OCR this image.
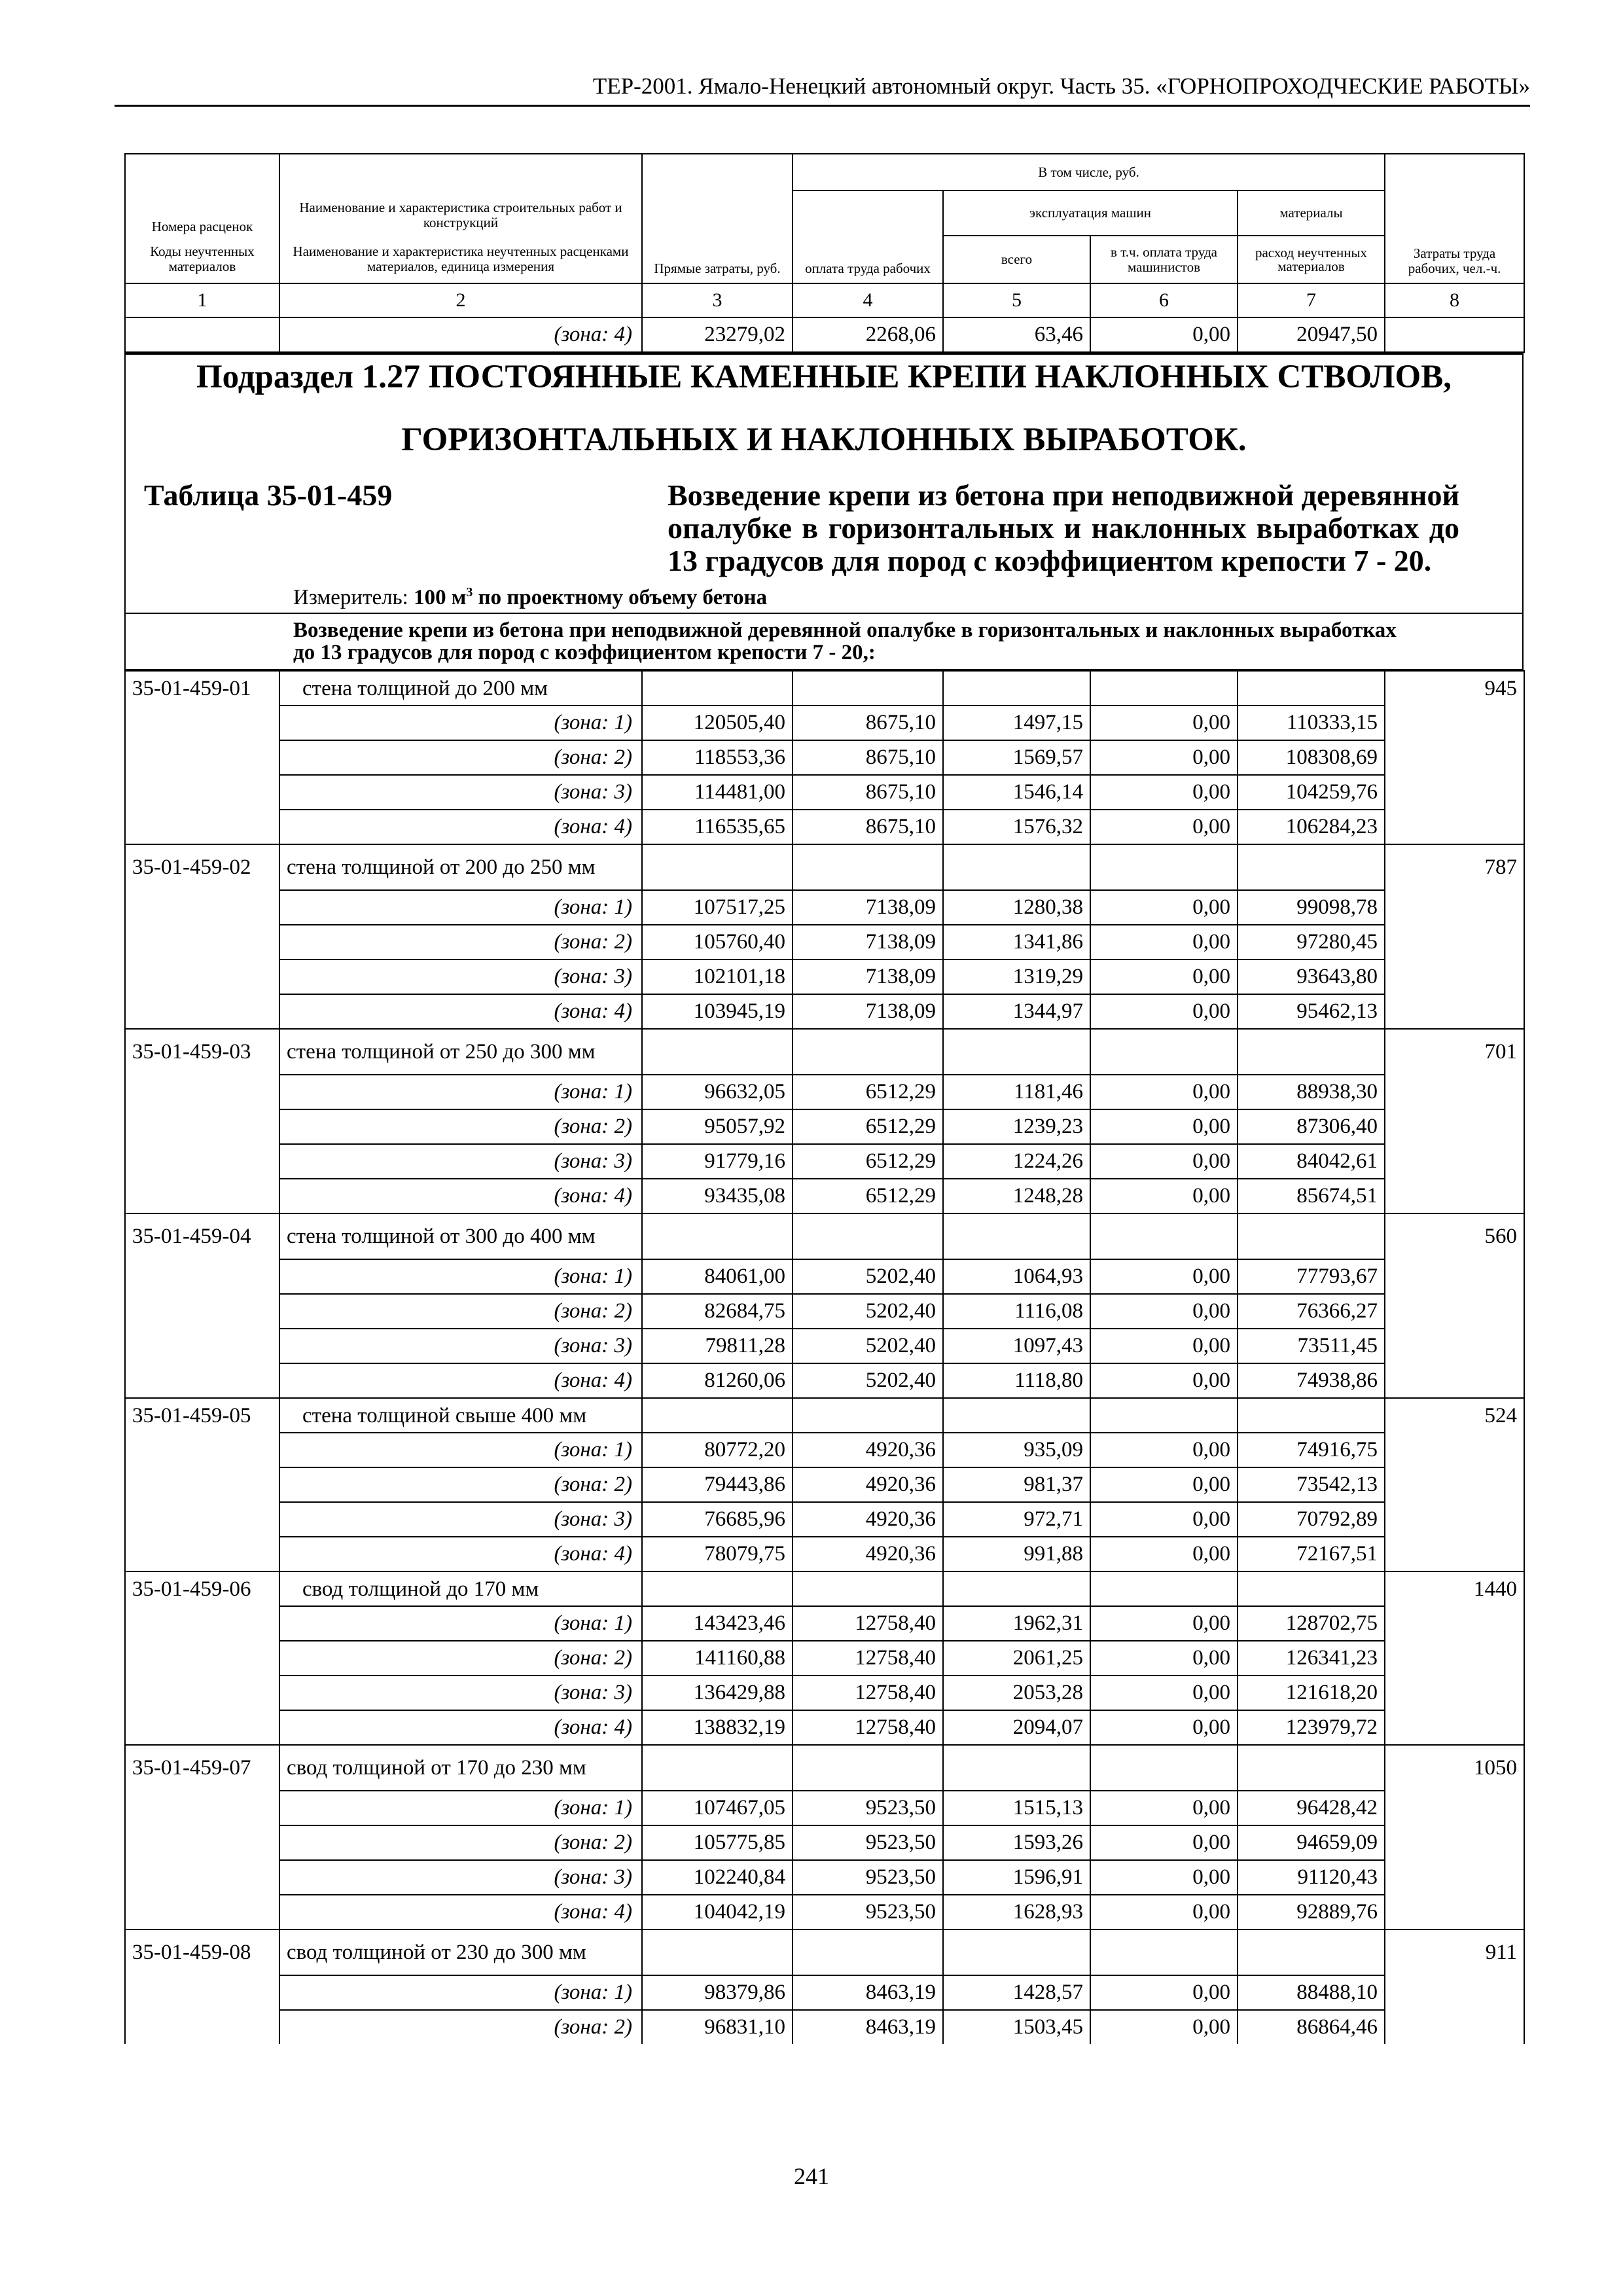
ТЕР-2001. Ямало-Ненецкий автономный округ. Часть 35. «ГОРНОПРОХОДЧЕСКИЕ РАБОТЫ»
Номера расценок	Наименование и характеристика строительных работ и конструкций	Прямые затраты, руб.	В том числе, руб.				Затраты труда рабочих, чел.-ч.
			оплата труда рабочих	эксплуатация машин		материалы	
Коды неучтенных материалов	Наименование и характеристика неучтенных расценками материалов, единица измерения			всего	в т.ч. оплата труда машинистов	расход неучтенных материалов	

1	2	3	4	5	6	7	8
	(зона: 4)	23279,02	2268,06	63,46	0,00	20947,50	
Подраздел 1.27 ПОСТОЯННЫЕ КАМЕННЫЕ КРЕПИ НАКЛОННЫХ СТВОЛОВ,
ГОРИЗОНТАЛЬНЫХ И НАКЛОННЫХ ВЫРАБОТОК.
Таблица 35-01-459	Возведение крепи из бетона при неподвижной деревянной опалубке в горизонтальных и наклонных выработках до 13 градусов для пород с коэффициентом крепости 7 - 20.
Измеритель: 100 $м^3$ по проектному объему бетона
Возведение крепи из бетона при неподвижной деревянной опалубке в горизонтальных и наклонных выработках до 13 градусов для пород с коэффициентом крепости 7 - 20,:
35-01-459-01	стена толщиной до 200 мм						945
	(зона: 1)	120505,40	8675,10	1497,15	0,00	110333,15	
	(зона: 2)	118553,36	8675,10	1569,57	0,00	108308,69	
	(зона: 3)	114481,00	8675,10	1546,14	0,00	104259,76	
	(зона: 4)	116535,65	8675,10	1576,32	0,00	106284,23	
35-01-459-02	стена толщиной от 200 до 250 мм						787
	(зона: 1)	107517,25	7138,09	1280,38	0,00	99098,78	
	(зона: 2)	105760,40	7138,09	1341,86	0,00	97280,45	
	(зона: 3)	102101,18	7138,09	1319,29	0,00	93643,80	
	(зона: 4)	103945,19	7138,09	1344,97	0,00	95462,13	
35-01-459-03	стена толщиной от 250 до 300 мм						701
	(зона: 1)	96632,05	6512,29	1181,46	0,00	88938,30	
	(зона: 2)	95057,92	6512,29	1239,23	0,00	87306,40	
	(зона: 3)	91779,16	6512,29	1224,26	0,00	84042,61	
	(зона: 4)	93435,08	6512,29	1248,28	0,00	85674,51	
35-01-459-04	стена толщиной от 300 до 400 мм						560
	(зона: 1)	84061,00	5202,40	1064,93	0,00	77793,67	
	(зона: 2)	82684,75	5202,40	1116,08	0,00	76366,27	
	(зона: 3)	79811,28	5202,40	1097,43	0,00	73511,45	
	(зона: 4)	81260,06	5202,40	1118,80	0,00	74938,86	
35-01-459-05	стена толщиной свыше 400 мм						524
	(зона: 1)	80772,20	4920,36	935,09	0,00	74916,75	
	(зона: 2)	79443,86	4920,36	981,37	0,00	73542,13	
	(зона: 3)	76685,96	4920,36	972,71	0,00	70792,89	
	(зона: 4)	78079,75	4920,36	991,88	0,00	72167,51	
35-01-459-06	свод толщиной до 170 мм						1440
	(зона: 1)	143423,46	12758,40	1962,31	0,00	128702,75	
	(зона: 2)	141160,88	12758,40	2061,25	0,00	126341,23	
	(зона: 3)	136429,88	12758,40	2053,28	0,00	121618,20	
	(зона: 4)	138832,19	12758,40	2094,07	0,00	123979,72	
35-01-459-07	свод толщиной от 170 до 230 мм						1050
	(зона: 1)	107467,05	9523,50	1515,13	0,00	96428,42	
	(зона: 2)	105775,85	9523,50	1593,26	0,00	94659,09	
	(зона: 3)	102240,84	9523,50	1596,91	0,00	91120,43	
	(зона: 4)	104042,19	9523,50	1628,93	0,00	92889,76	
35-01-459-08	свод толщиной от 230 до 300 мм						911
	(зона: 1)	98379,86	8463,19	1428,57	0,00	88488,10	
	(зона: 2)	96831,10	8463,19	1503,45	0,00	86864,46	
241
